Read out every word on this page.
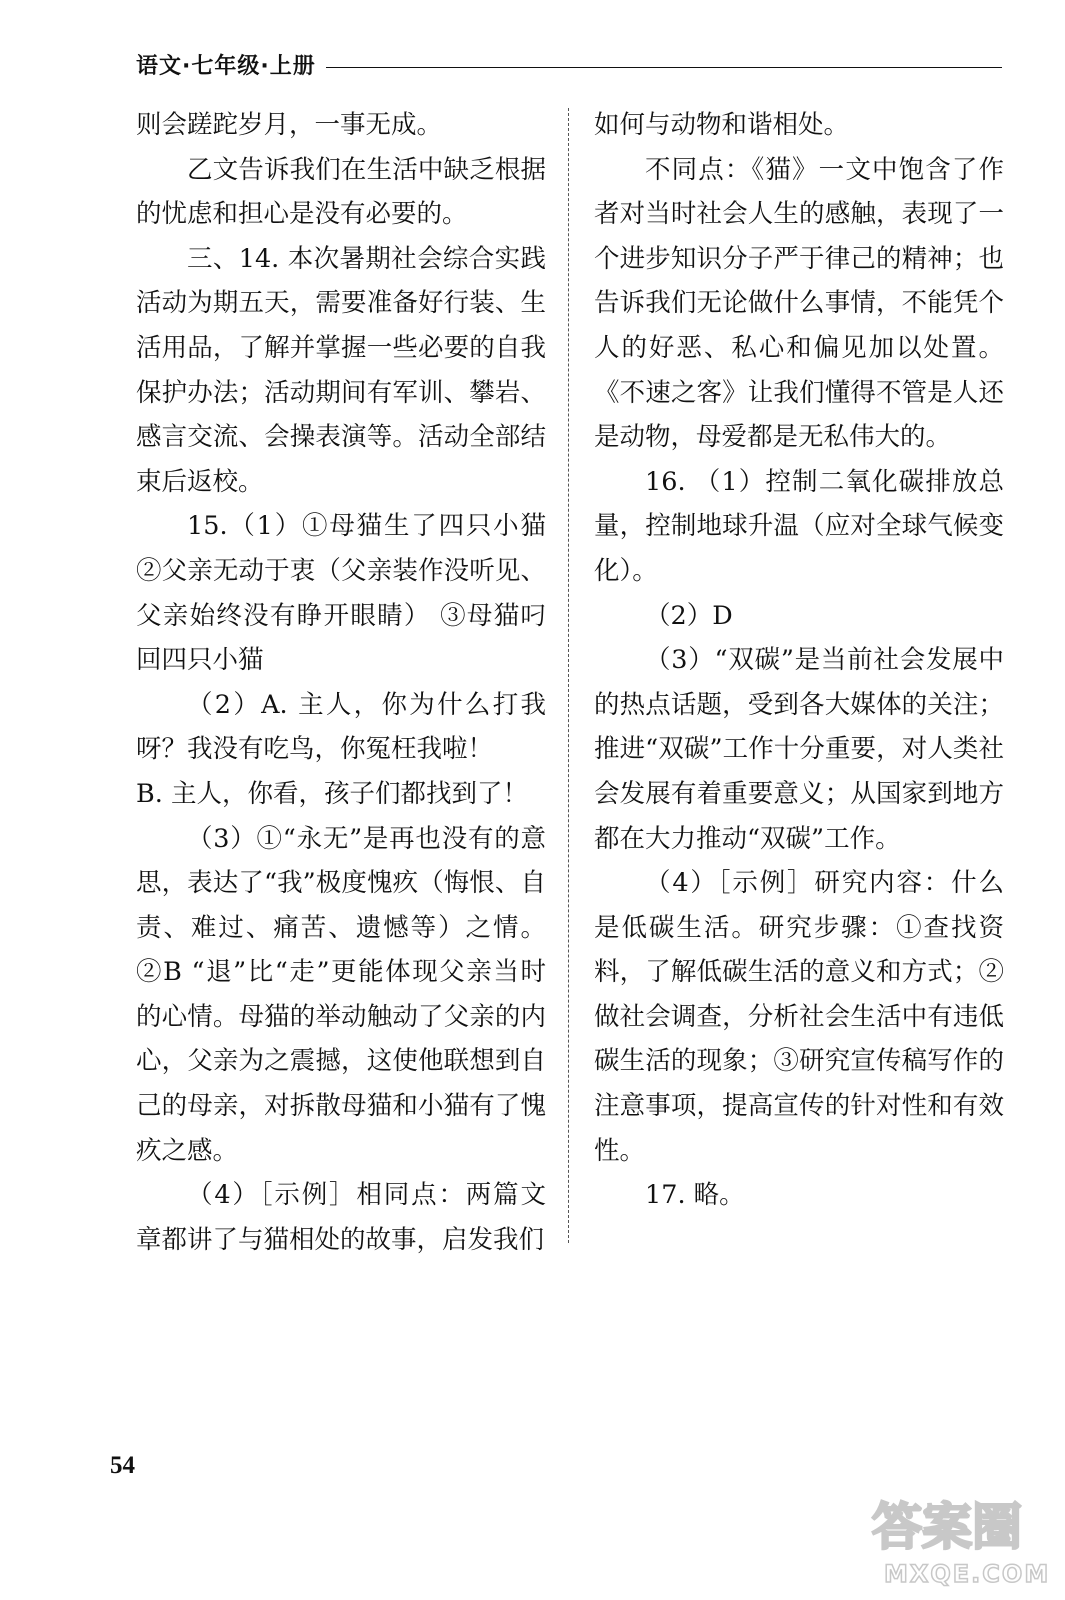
语文·七年级·上册

则会蹉跎岁月，一事无成。

乙文告诉我们在生活中缺乏根据的忧虑和担心是没有必要的。

三、14. 本次暑期社会综合实践活动为期五天，需要准备好行装、生活用品，了解并掌握一些必要的自我保护办法；活动期间有军训、攀岩、感言交流、会操表演等。活动全部结束后返校。

15.（1）①母猫生了四只小猫 ②父亲无动于衷（父亲装作没听见、父亲始终没有睁开眼睛） ③母猫叼回四只小猫

（2）A. 主人，你为什么打我呀？我没有吃鸟，你冤枉我啦！

B. 主人，你看，孩子们都找到了！

（3）①“永无”是再也没有的意思，表达了“我”极度愧疚（悔恨、自责、难过、痛苦、遗憾等）之情。②B “退”比“走”更能体现父亲当时的心情。母猫的举动触动了父亲的内心，父亲为之震撼，这使他联想到自己的母亲，对拆散母猫和小猫有了愧疚之感。

（4）［示例］相同点：两篇文章都讲了与猫相处的故事，启发我们

如何与动物和谐相处。

不同点：《猫》一文中饱含了作者对当时社会人生的感触，表现了一个进步知识分子严于律己的精神；也告诉我们无论做什么事情，不能凭个人的好恶、私心和偏见加以处置。《不速之客》让我们懂得不管是人还是动物，母爱都是无私伟大的。

16. （1）控制二氧化碳排放总量，控制地球升温（应对全球气候变化）。

（2）D

（3）“双碳”是当前社会发展中的热点话题，受到各大媒体的关注；推进“双碳”工作十分重要，对人类社会发展有着重要意义；从国家到地方都在大力推动“双碳”工作。

（4）［示例］研究内容：什么是低碳生活。研究步骤：①查找资料，了解低碳生活的意义和方式；②做社会调查，分析社会生活中有违低碳生活的现象；③研究宣传稿写作的注意事项，提高宣传的针对性和有效性。

17. 略。

54
答案圈
MXQE.COM
